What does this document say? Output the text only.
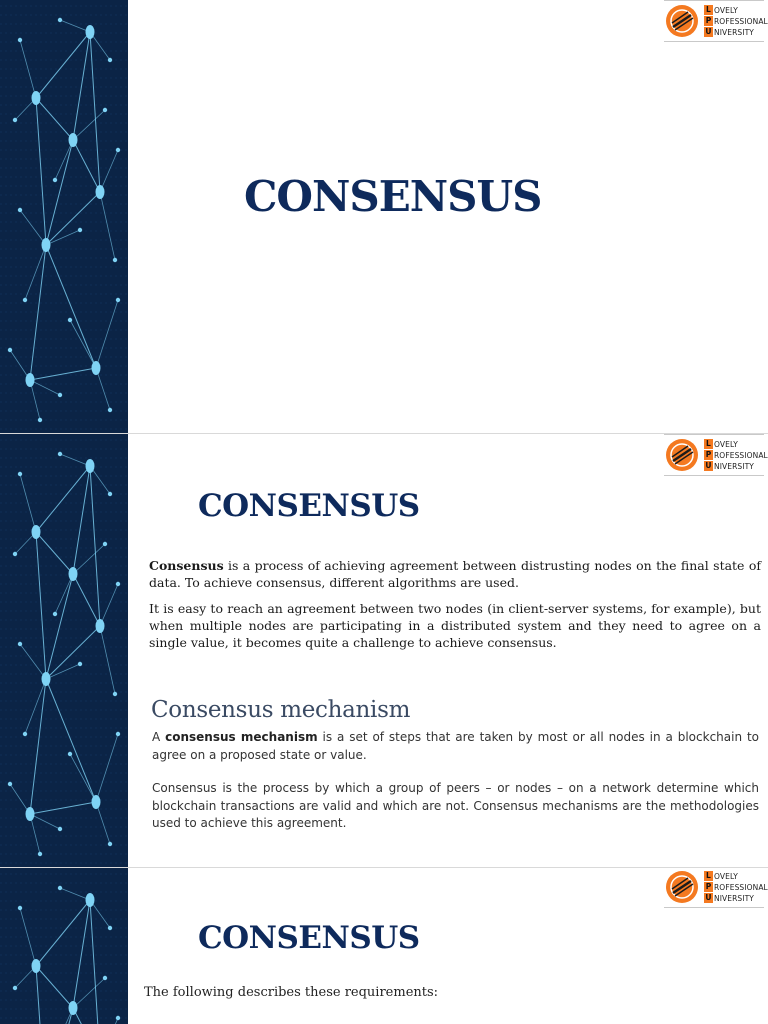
L OVELY
P ROFESSIONAL
U NIVERSITY
CONSENSUS
L OVELY
P ROFESSIONAL
U NIVERSITY
CONSENSUS
Consensus is a process of achieving agreement between distrusting nodes on the final state of data. To achieve consensus, different algorithms are used.
It is easy to reach an agreement between two nodes (in client-server systems, for example), but when multiple nodes are participating in a distributed system and they need to agree on a single value, it becomes quite a challenge to achieve consensus.
Consensus mechanism
A consensus mechanism is a set of steps that are taken by most or all nodes in a blockchain to agree on a proposed state or value.
Consensus is the process by which a group of peers – or nodes – on a network determine which blockchain transactions are valid and which are not. Consensus mechanisms are the methodologies used to achieve this agreement.
L OVELY
P ROFESSIONAL
U NIVERSITY
CONSENSUS
The following describes these requirements:
